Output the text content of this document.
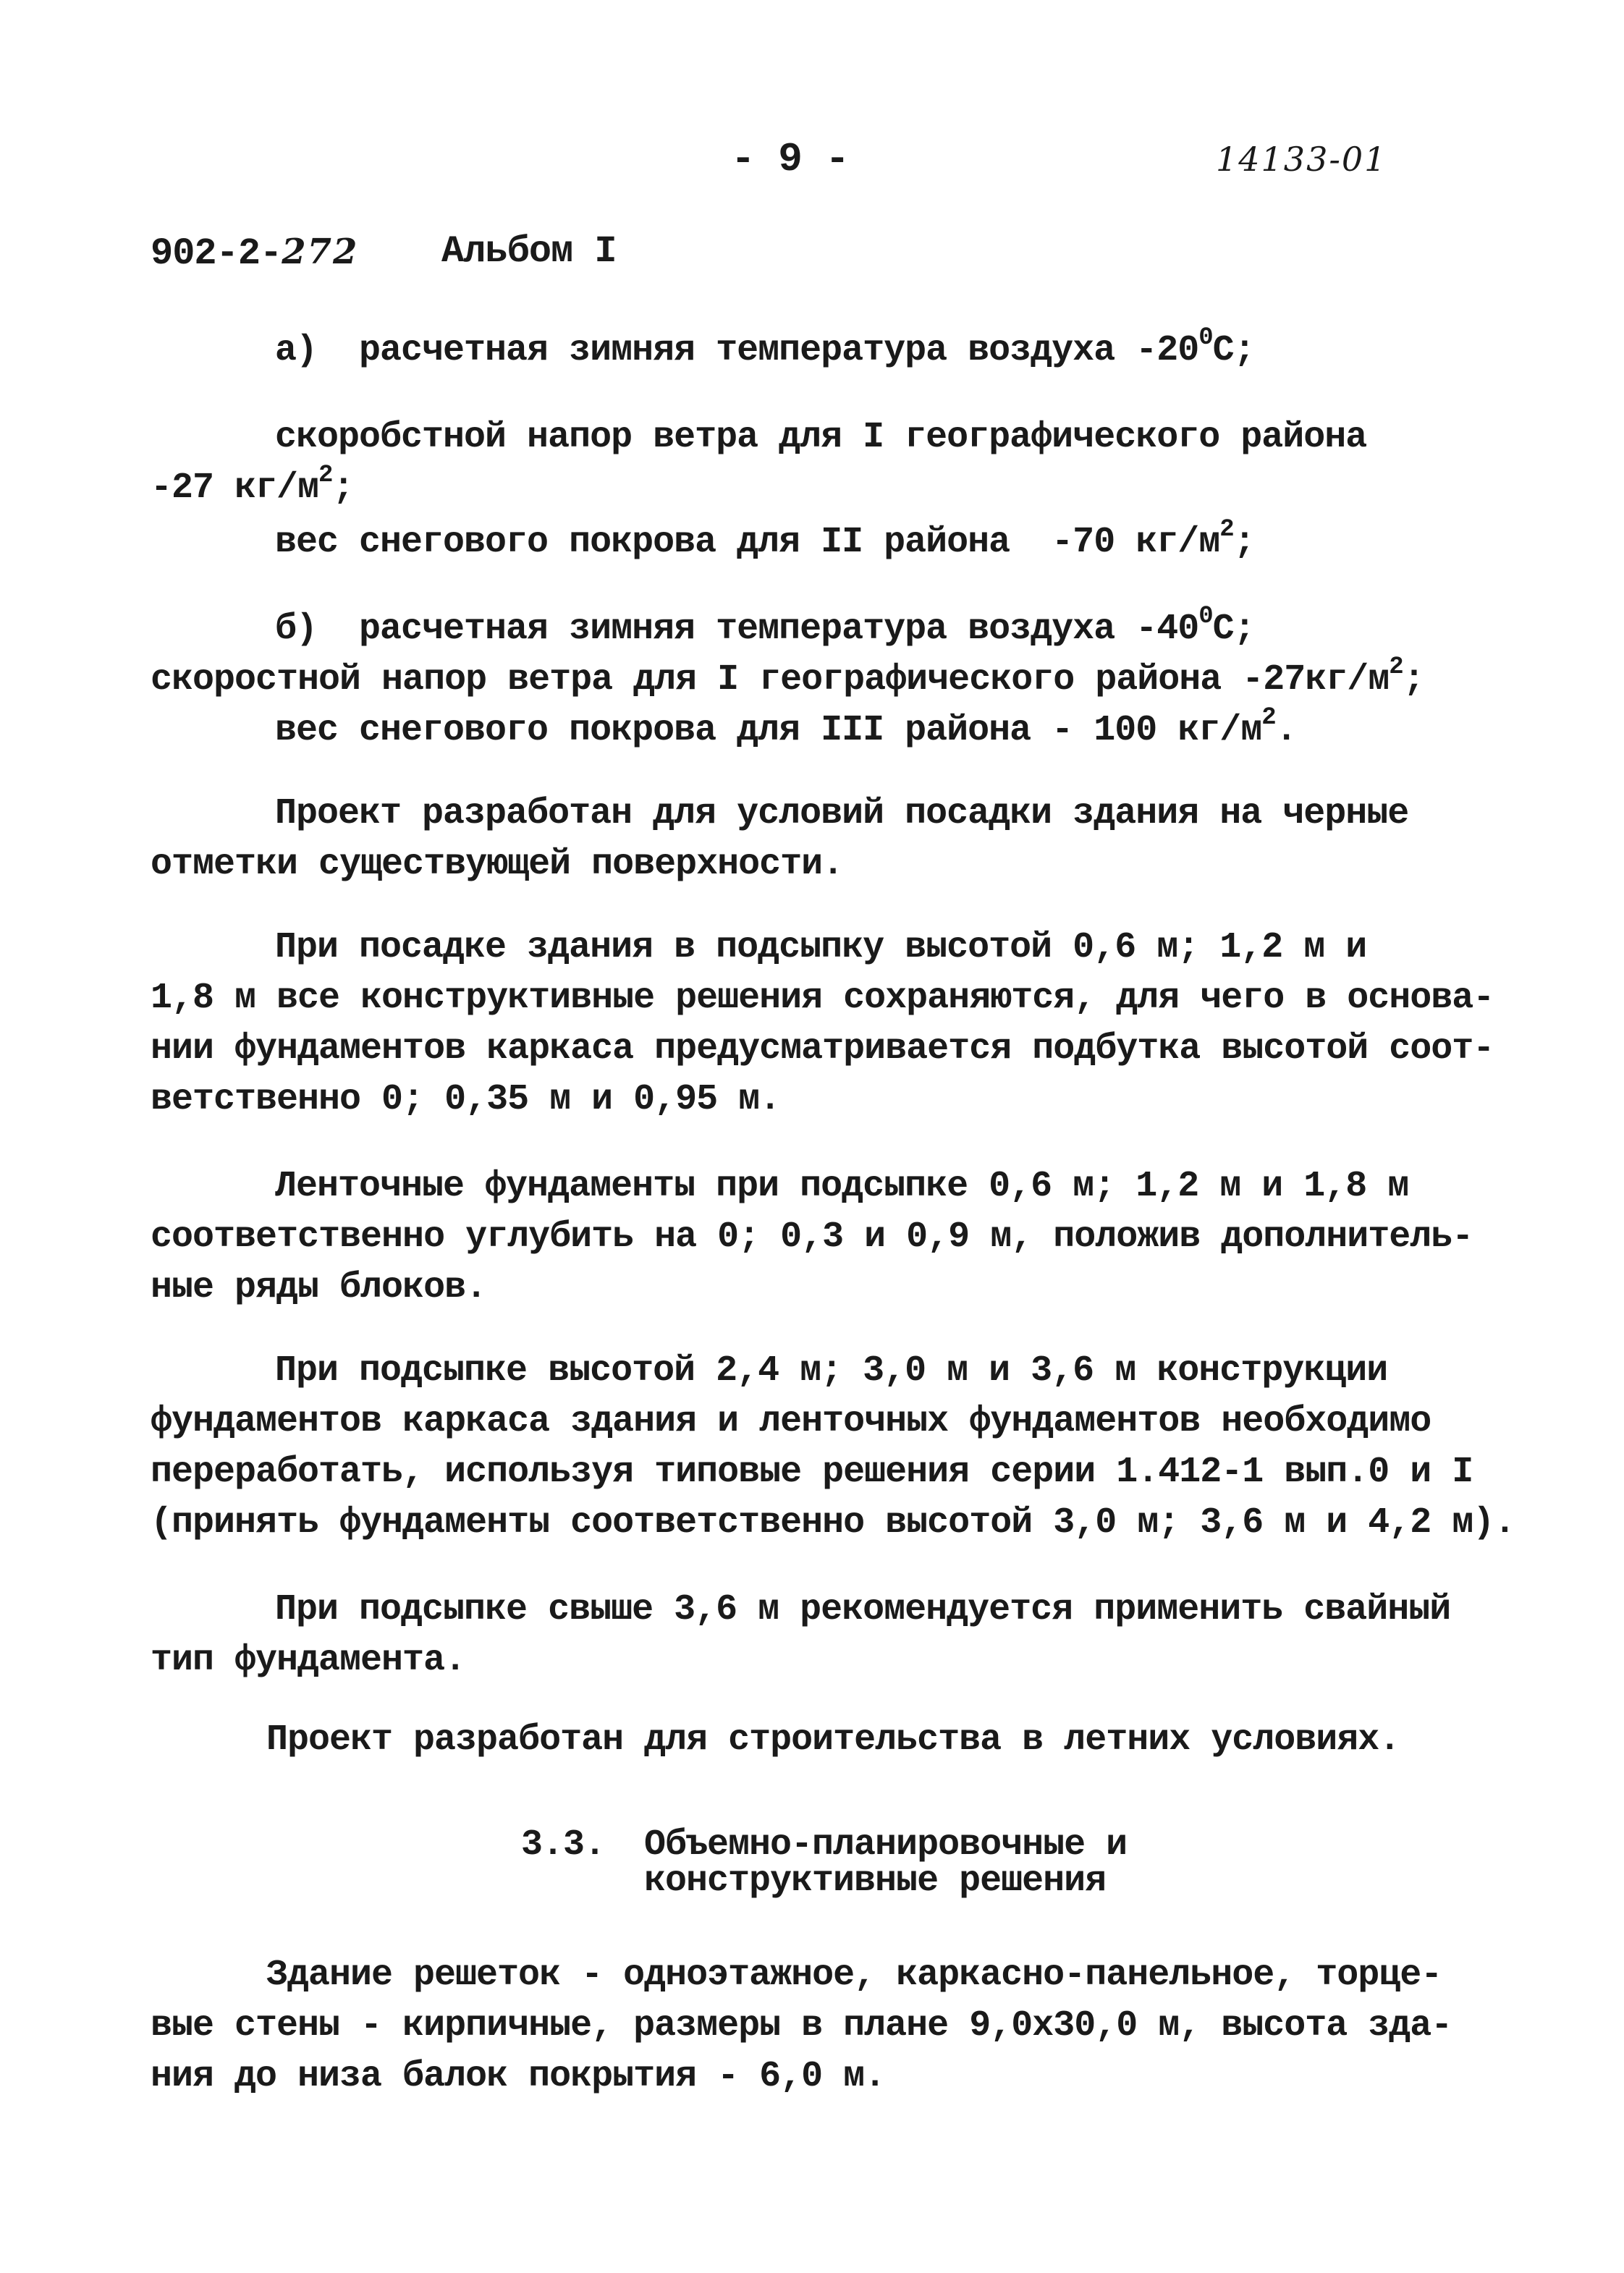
- 9 -	14133-01
902-2-272 Альбом I
а)  расчетная зимняя температура воздуха $-20^0С$;
скоробстной напор ветра для I географического района
-27 $кг/м^2$;
вес снегового покрова для II района  -70 $кг/м^2$;
б)  расчетная зимняя температура воздуха $-40^0С$;
скоростной напор ветра для I географического района $-27кг/м^2$;
вес снегового покрова для III района - 100 $кг/м^2$.
Проект разработан для условий посадки здания на черные
отметки существующей поверхности.
При посадке здания в подсыпку высотой 0,6 м; 1,2 м и
1,8 м все конструктивные решения сохраняются, для чего в основа-
нии фундаментов каркаса предусматривается подбутка высотой соот-
ветственно 0; 0,35 м и 0,95 м.
Ленточные фундаменты при подсыпке 0,6 м; 1,2 м и 1,8 м
соответственно углубить на 0; 0,3 и 0,9 м, положив дополнитель-
ные ряды блоков.
При подсыпке высотой 2,4 м; 3,0 м и 3,6 м конструкции
фундаментов каркаса здания и ленточных фундаментов необходимо
переработать, используя типовые решения серии 1.412-1 вып.0 и I
(принять фундаменты соответственно высотой 3,0 м; 3,6 м и 4,2 м).
При подсыпке свыше 3,6 м рекомендуется применить свайный
тип фундамента.
Проект разработан для строительства в летних условиях.
3.3. Объемно-планировочные и
конструктивные решения
Здание решеток - одноэтажное, каркасно-панельное, торце-
вые стены - кирпичные, размеры в плане 9,0х30,0 м, высота зда-
ния до низа балок покрытия - 6,0 м.
